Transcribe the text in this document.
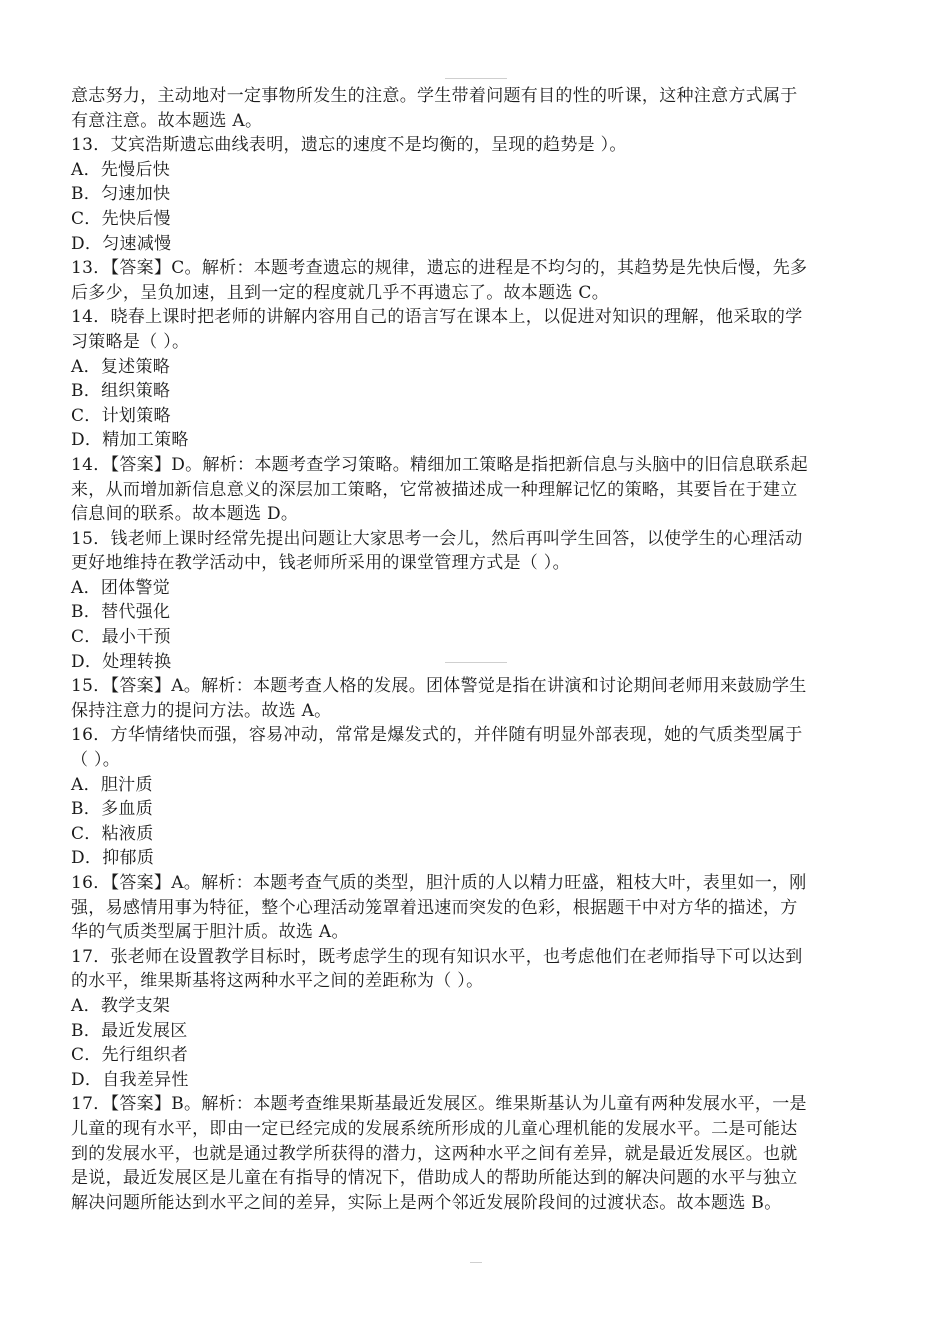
意志努力，主动地对一定事物所发生的注意。学生带着问题有目的性的听课，这种注意方式属于
有意注意。故本题选 A。
13．艾宾浩斯遗忘曲线表明，遗忘的速度不是均衡的，呈现的趋势是 ）。
A．先慢后快
B．匀速加快
C．先快后慢
D．匀速减慢
13．【答案】C。解析：本题考查遗忘的规律，遗忘的进程是不均匀的，其趋势是先快后慢，先多
后多少，呈负加速，且到一定的程度就几乎不再遗忘了。故本题选 C。
14．晓春上课时把老师的讲解内容用自己的语言写在课本上，以促进对知识的理解，他采取的学
习策略是（ ）。
A．复述策略
B．组织策略
C．计划策略
D．精加工策略
14．【答案】D。解析：本题考查学习策略。精细加工策略是指把新信息与头脑中的旧信息联系起
来，从而增加新信息意义的深层加工策略，它常被描述成一种理解记忆的策略，其要旨在于建立
信息间的联系。故本题选 D。
15．钱老师上课时经常先提出问题让大家思考一会儿，然后再叫学生回答，以使学生的心理活动
更好地维持在教学活动中，钱老师所采用的课堂管理方式是（ ）。
A．团体警觉
B．替代强化
C．最小干预
D．处理转换
15．【答案】A。解析：本题考查人格的发展。团体警觉是指在讲演和讨论期间老师用来鼓励学生
保持注意力的提问方法。故选 A。
16．方华情绪快而强，容易冲动，常常是爆发式的，并伴随有明显外部表现，她的气质类型属于
（ ）。
A．胆汁质
B．多血质
C．粘液质
D．抑郁质
16．【答案】A。解析：本题考查气质的类型，胆汁质的人以精力旺盛，粗枝大叶，表里如一，刚
强，易感情用事为特征，整个心理活动笼罩着迅速而突发的色彩，根据题干中对方华的描述，方
华的气质类型属于胆汁质。故选 A。
17．张老师在设置教学目标时，既考虑学生的现有知识水平，也考虑他们在老师指导下可以达到
的水平，维果斯基将这两种水平之间的差距称为（ ）。
A．教学支架
B．最近发展区
C．先行组织者
D．自我差异性
17．【答案】B。解析：本题考查维果斯基最近发展区。维果斯基认为儿童有两种发展水平，一是
儿童的现有水平，即由一定已经完成的发展系统所形成的儿童心理机能的发展水平。二是可能达
到的发展水平，也就是通过教学所获得的潜力，这两种水平之间有差异，就是最近发展区。也就
是说，最近发展区是儿童在有指导的情况下，借助成人的帮助所能达到的解决问题的水平与独立
解决问题所能达到水平之间的差异，实际上是两个邻近发展阶段间的过渡状态。故本题选 B。
